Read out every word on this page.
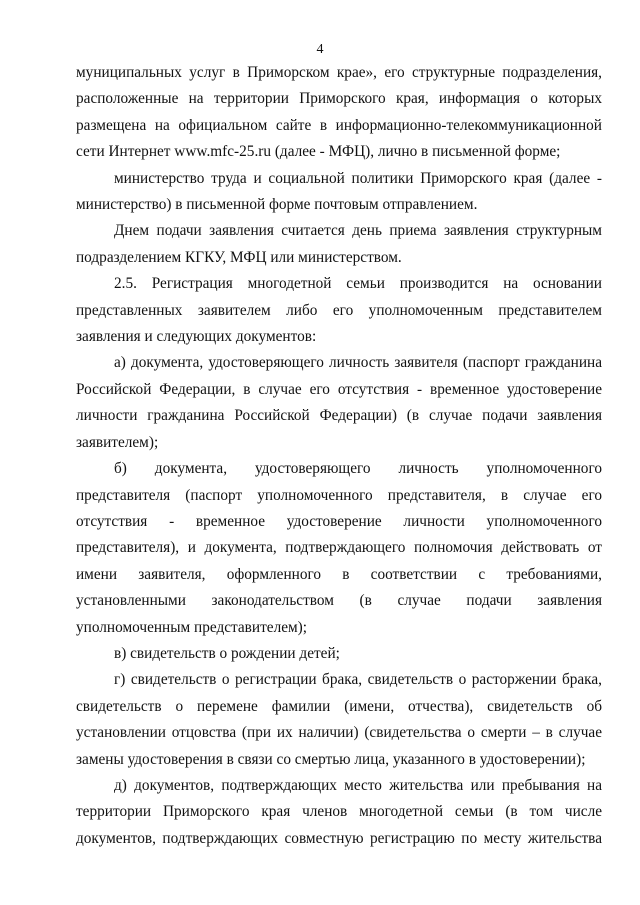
4

муниципальных услуг в Приморском крае», его структурные подразделения, расположенные на территории Приморского края, информация о которых размещена на официальном сайте в информационно-телекоммуникационной сети Интернет www.mfc-25.ru (далее - МФЦ), лично в письменной форме;

министерство труда и социальной политики Приморского края (далее - министерство) в письменной форме почтовым отправлением.

Днем подачи заявления считается день приема заявления структурным подразделением КГКУ, МФЦ или министерством.

2.5. Регистрация многодетной семьи производится на основании представленных заявителем либо его уполномоченным представителем заявления и следующих документов:

а) документа, удостоверяющего личность заявителя (паспорт гражданина Российской Федерации, в случае его отсутствия - временное удостоверение личности гражданина Российской Федерации) (в случае подачи заявления заявителем);

б) документа, удостоверяющего личность уполномоченного представителя (паспорт уполномоченного представителя, в случае его отсутствия - временное удостоверение личности уполномоченного представителя), и документа, подтверждающего полномочия действовать от имени заявителя, оформленного в соответствии с требованиями, установленными законодательством (в случае подачи заявления уполномоченным представителем);

в) свидетельств о рождении детей;

г) свидетельств о регистрации брака, свидетельств о расторжении брака, свидетельств о перемене фамилии (имени, отчества), свидетельств об установлении отцовства (при их наличии) (свидетельства о смерти – в случае замены удостоверения в связи со смертью лица, указанного в удостоверении);

д) документов, подтверждающих место жительства или пребывания на территории Приморского края членов многодетной семьи (в том числе документов, подтверждающих совместную регистрацию по месту жительства
